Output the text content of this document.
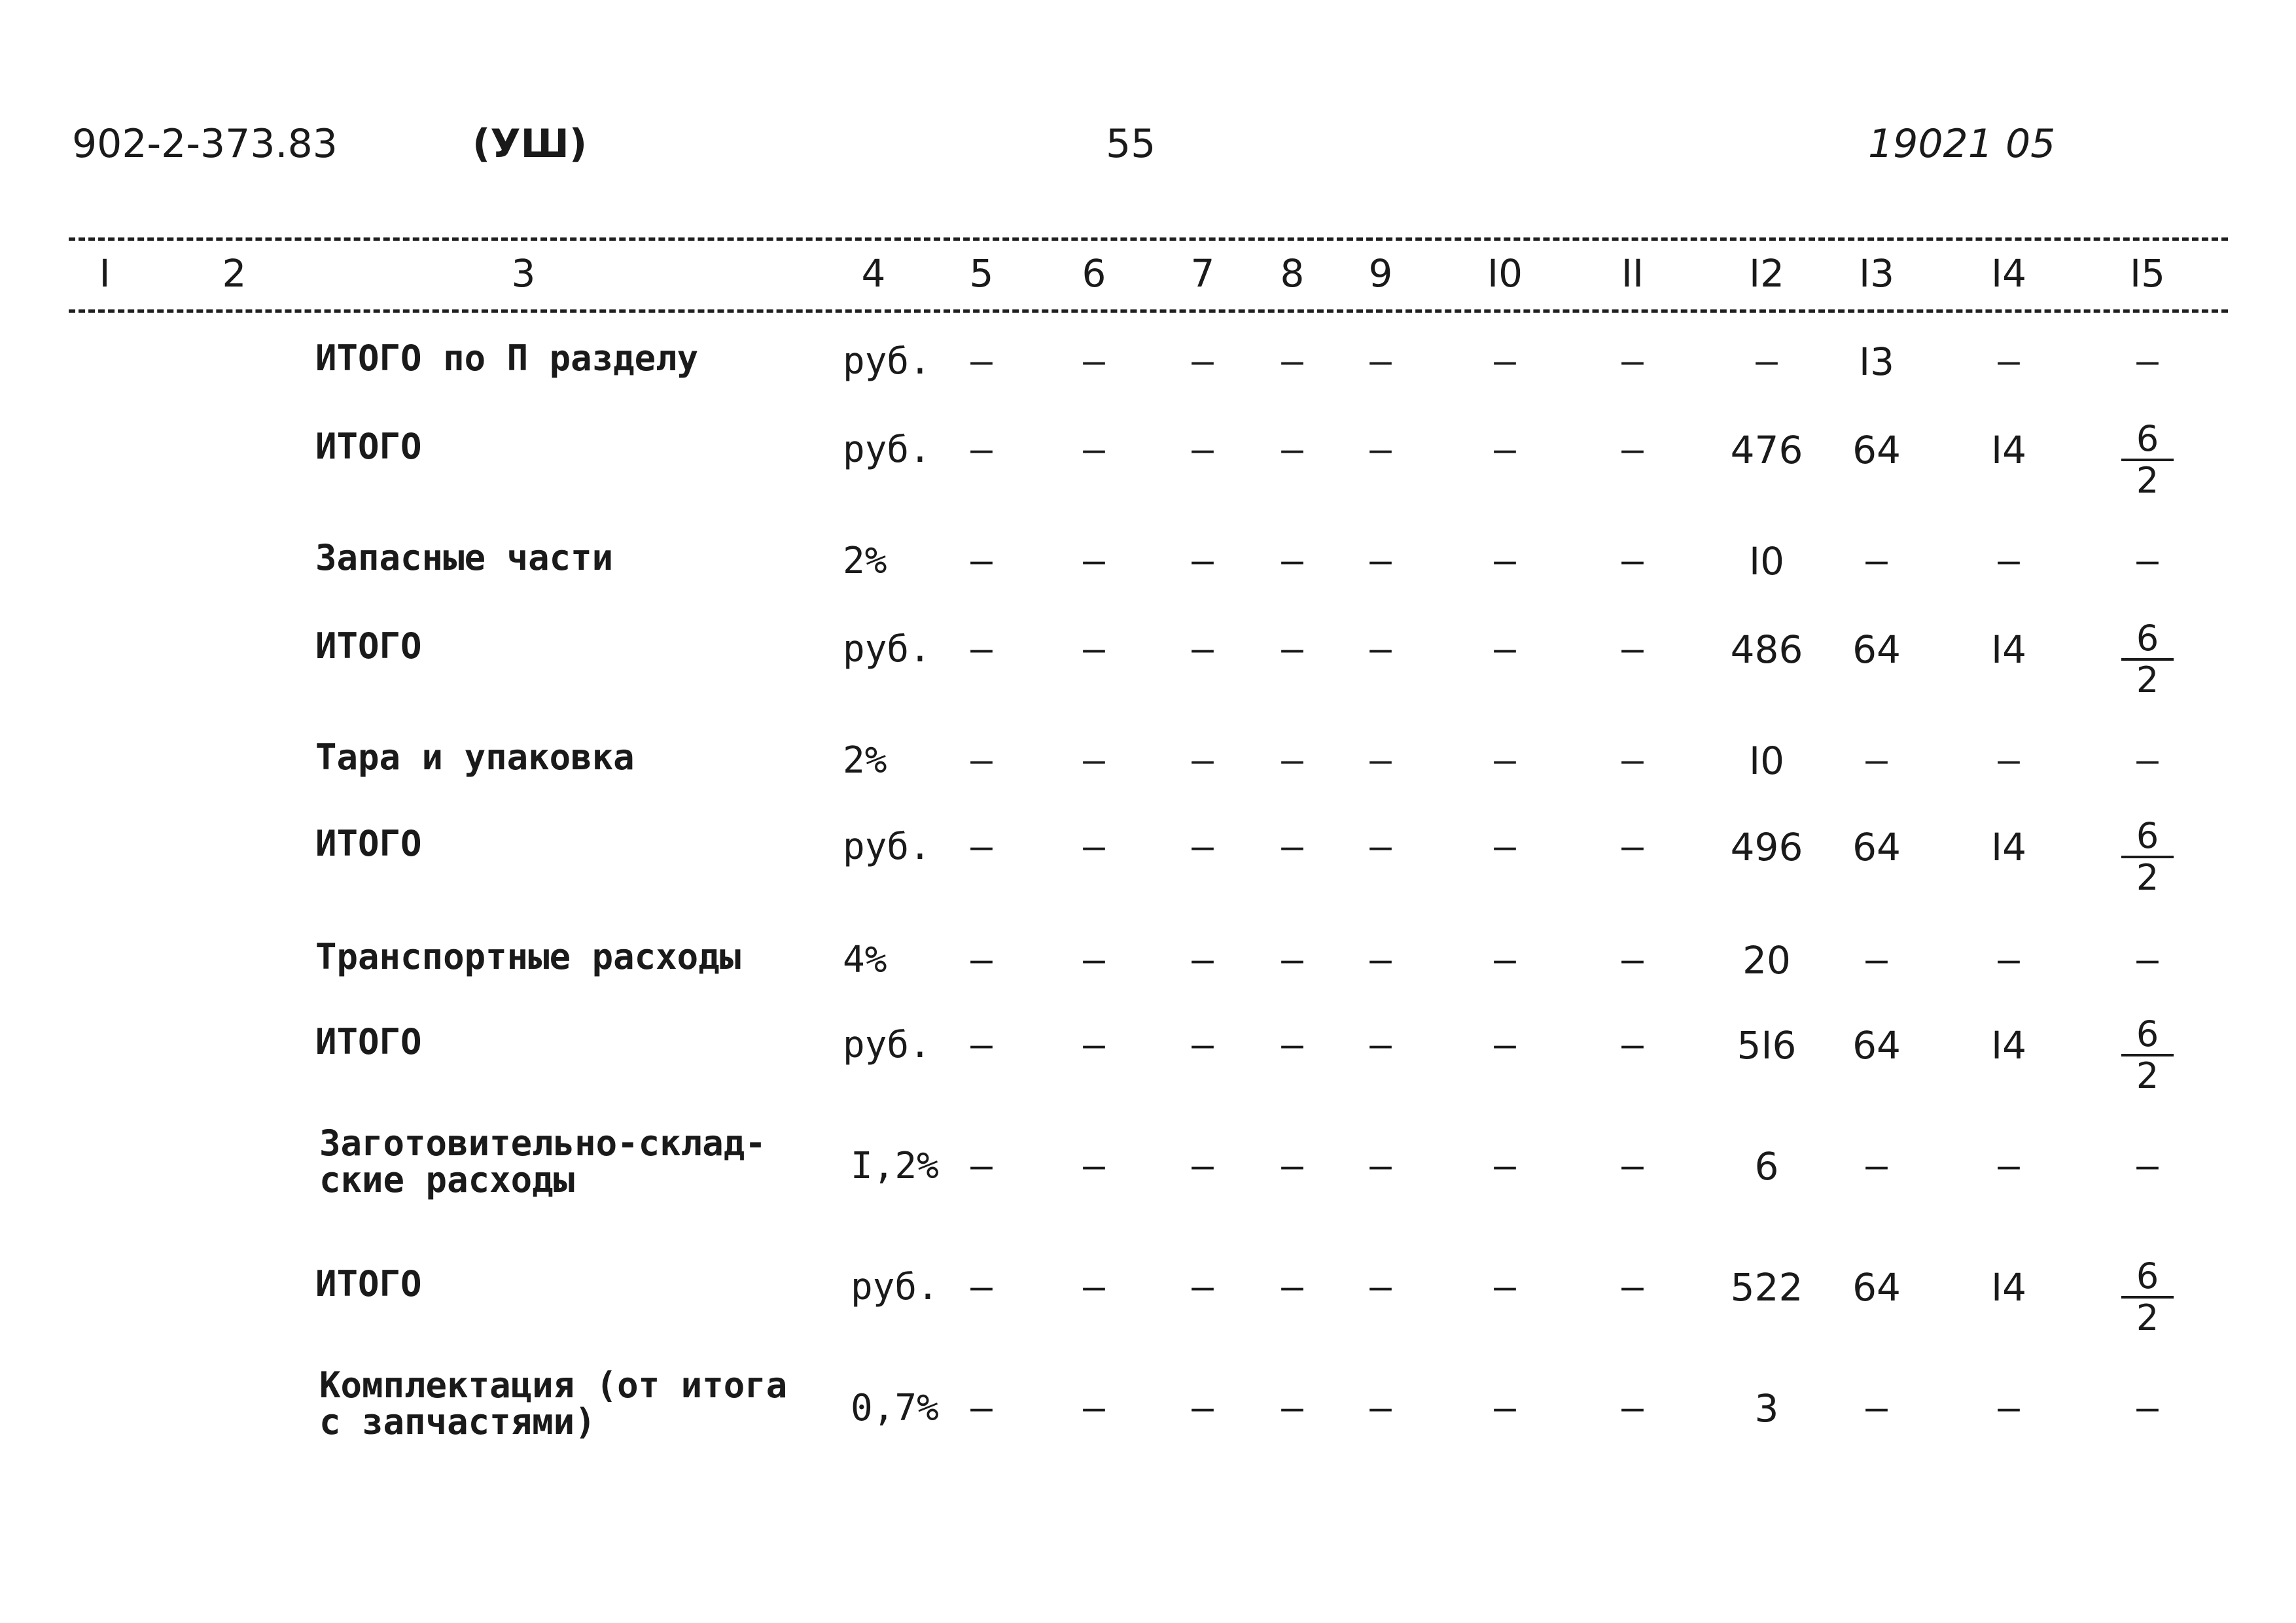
902-2-373.83	(УШ)	55	19021 05
I	2	3	4	5	6	7	8	9	I0	II	I2	I3	I4	I5
ИТОГО по П разделу	руб.	–	–	–	–	–	–	–	–	I3	–	–
ИТОГО	руб.	–	–	–	–	–	–	–	476	64	I4	$\frac{6}{2}$
Запасные части	2%	–	–	–	–	–	–	–	I0	–	–	–
ИТОГО	руб.	–	–	–	–	–	–	–	486	64	I4	$\frac{6}{2}$
Тара и упаковка	2%	–	–	–	–	–	–	–	I0	–	–	–
ИТОГО	руб.	–	–	–	–	–	–	–	496	64	I4	$\frac{6}{2}$
Транспортные расходы	4%	–	–	–	–	–	–	–	20	–	–	–
ИТОГО	руб.	–	–	–	–	–	–	–	5I6	64	I4	$\frac{6}{2}$
Заготовительно-склад-
ские расходы	I,2% –	–	–	–	–	–	–	6	–	–	–
ИТОГО	руб. –	–	–	–	–	–	–	522	64	I4	$\frac{6}{2}$
Комплектация (от итога
с запчастями)	0,7% –	–	–	–	–	–	–	3	–	–	–
